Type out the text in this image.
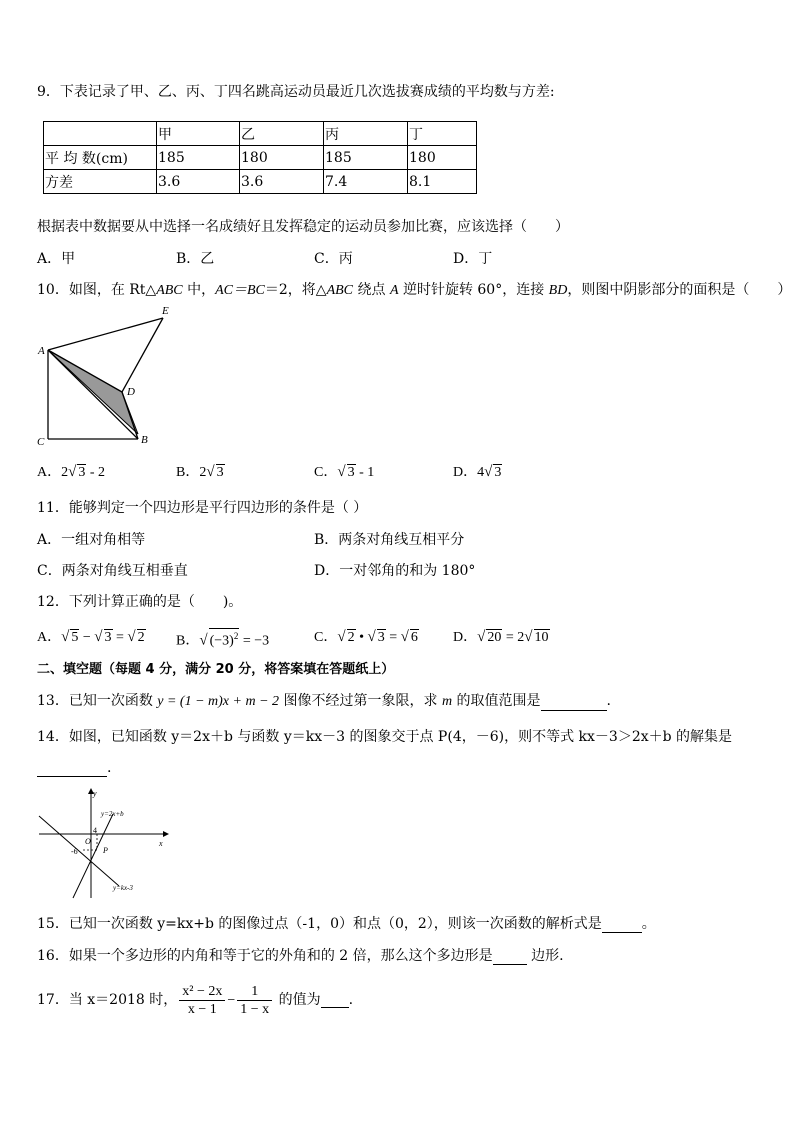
9．下表记录了甲、乙、丙、丁四名跳高运动员最近几次选拔赛成绩的平均数与方差:
	甲	乙	丙	丁
平 均 数(cm)	185	180	185	180
方差	3.6	3.6	7.4	8.1
根据表中数据要从中选择一名成绩好且发挥稳定的运动员参加比赛，应该选择（　　）
A．甲	B．乙	C．丙	D．丁
10．如图，在 Rt△ABC 中，AC＝BC＝2，将△ABC 绕点 A 逆时针旋转 60°，连接 BD，则图中阴影部分的面积是（　　）
A
E
D
C	B
A．2√ 3 - 2	B．2√ 3	C．√ 3 - 1	D．4√ 3
11．能够判定一个四边形是平行四边形的条件是（ ）
A．一组对角相等	B．两条对角线互相平分
C．两条对角线互相垂直	D．一对邻角的和为 180°
12．下列计算正确的是（　　)。
A．√ 5 − √ 3 = √ 2 B．√ $(-3)^2 = -3$	C．√ 2 • √ 3 = √ 6	D．√ 20 = 2√ 10
二、填空题（每题 4 分，满分 20 分，将答案填在答题纸上）
13．已知一次函数 y = (1 − m)x + m − 2 图像不经过第一象限，求 m 的取值范围是	.
14．如图，已知函数 y＝2x＋b 与函数 y＝kx－3 的图象交于点 P(4，－6)，则不等式 kx－3＞2x＋b 的解集是
.
y
x
y=2x+b
y=kx-3
4
O
-6	P
15．已知一次函数 y=kx+b 的图像过点（-1，0）和点（0，2），则该一次函数的解析式是	。
16．如果一个多边形的内角和等于它的外角和的 2 倍，那么这个多边形是 边形.
17．当 x＝2018 时， $\frac{\text{x² − 2x}}{x - 1} - \frac{1}{1 - x}$ 的值为 .
